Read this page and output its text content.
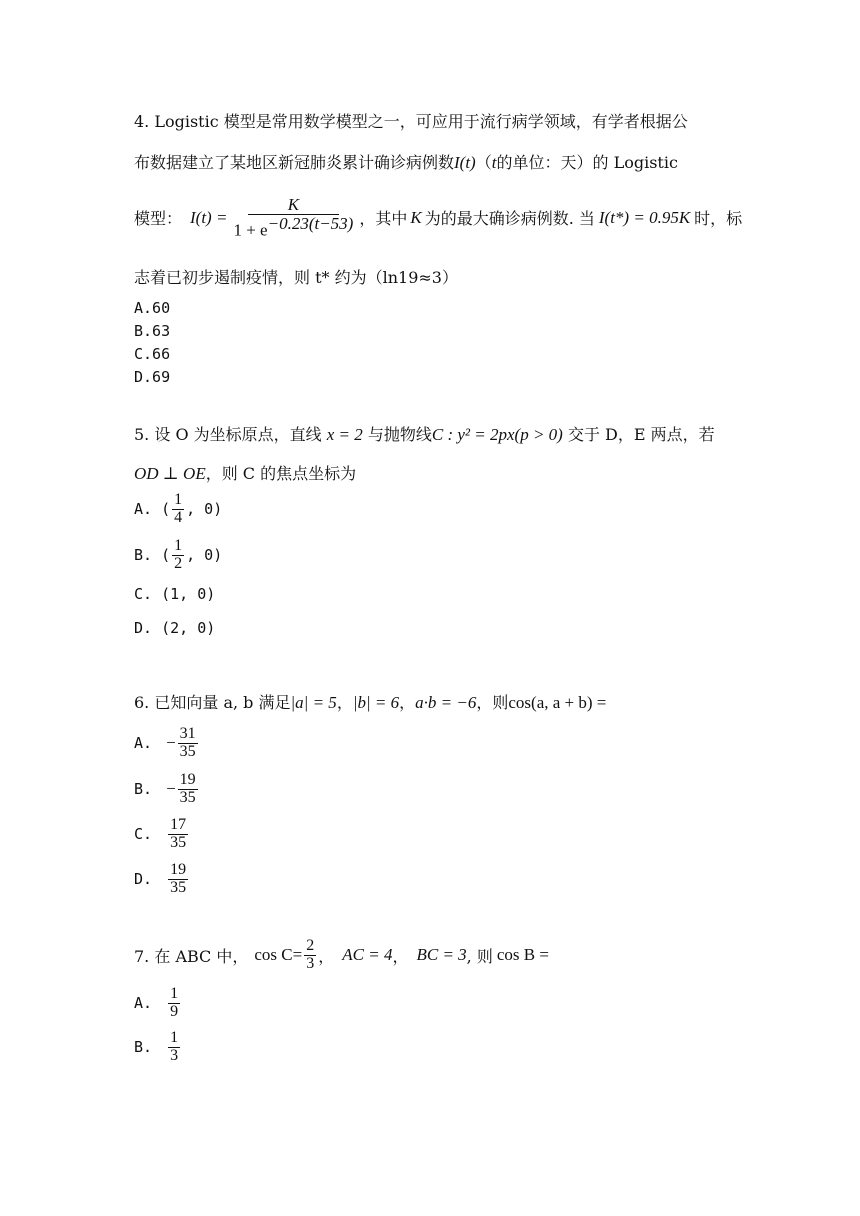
4. Logistic 模型是常用数学模型之一，可应用于流行病学领域，有学者根据公
布数据建立了某地区新冠肺炎累计确诊病例数I(t)（t的单位：天）的 Logistic
模型： $I(t) = \frac{K}{1 + e^{-0.23(t-53)}}$ ，其中 K 为的最大确诊病例数. 当 I(t*) = 0.95K 时，标
志着已初步遏制疫情，则 t* 约为（ln19≈3）
A.60
B.63
C.66
D.69
5. 设 O 为坐标原点，直线 x = 2 与抛物线C : y² = 2px(p > 0) 交于 D，E 两点，若
OD ⊥ OE，则 C 的焦点坐标为
A. ( $\frac{1}{4}$ , 0)
B. ( $\frac{1}{2}$ , 0)
C. (1, 0)
D. (2, 0)
6. 已知向量 a, b 满足|a| = 5，|b| = 6，a·b = −6，则cos(a, a + b) =
A. − $\frac{31}{35}$
B. − $\frac{19}{35}$
C. $\frac{17}{35}$
D. $\frac{19}{35}$
7. 在 ABC 中， $\cos C= \frac{2}{3}$ ， AC = 4 ， BC = 3 , 则 cos B =
A. $\frac{1}{9}$
B. $\frac{1}{3}$
